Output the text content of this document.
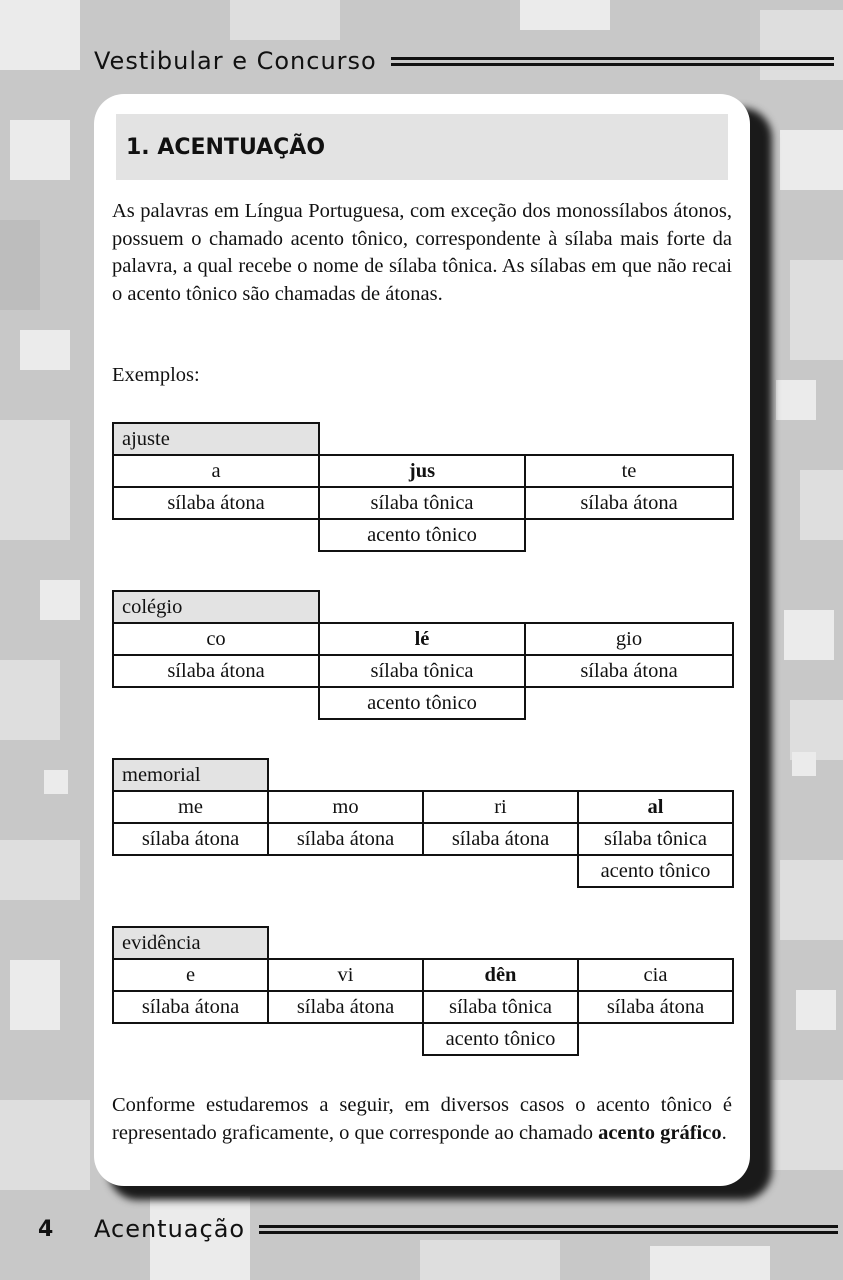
Vestibular e Concurso
1. ACENTUAÇÃO

As palavras em Língua Portuguesa, com exceção dos monossílabos átonos, possuem o chamado acento tônico, correspondente à sílaba mais forte da palavra, a qual recebe o nome de sílaba tônica. As sílabas em que não recai o acento tônico são chamadas de átonas.

Exemplos:

ajuste		
a	jus	te
sílaba átona	sílaba tônica	sílaba átona
	acento tônico	
colégio		
co	lé	gio
sílaba átona	sílaba tônica	sílaba átona
	acento tônico	
memorial			
me	mo	ri	al
sílaba átona	sílaba átona	sílaba átona	sílaba tônica
			acento tônico
evidência			
e	vi	dên	cia
sílaba átona	sílaba átona	sílaba tônica	sílaba átona
		acento tônico	

Conforme estudaremos a seguir, em diversos casos o acento tônico é representado graficamente, o que corresponde ao chamado acento gráfico.

4	Acentuação
